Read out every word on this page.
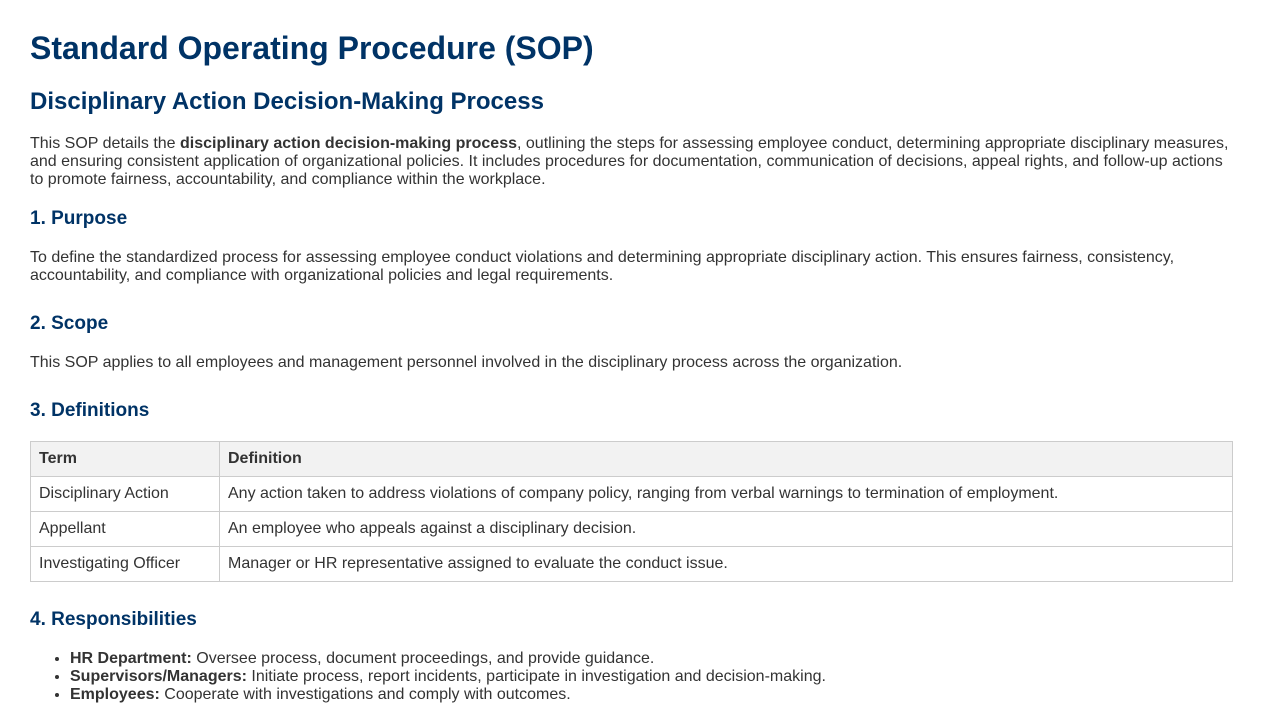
Standard Operating Procedure (SOP)
Disciplinary Action Decision-Making Process

This SOP details the disciplinary action decision-making process, outlining the steps for assessing employee conduct, determining appropriate disciplinary measures, and ensuring consistent application of organizational policies. It includes procedures for documentation, communication of decisions, appeal rights, and follow-up actions to promote fairness, accountability, and compliance within the workplace.

1. Purpose

To define the standardized process for assessing employee conduct violations and determining appropriate disciplinary action. This ensures fairness, consistency, accountability, and compliance with organizational policies and legal requirements.

2. Scope

This SOP applies to all employees and management personnel involved in the disciplinary process across the organization.

3. Definitions
Term	Definition
Disciplinary Action	Any action taken to address violations of company policy, ranging from verbal warnings to termination of employment.
Appellant	An employee who appeals against a disciplinary decision.
Investigating Officer	Manager or HR representative assigned to evaluate the conduct issue.
4. Responsibilities
• HR Department: Oversee process, document proceedings, and provide guidance.
• Supervisors/Managers: Initiate process, report incidents, participate in investigation and decision-making.
• Employees: Cooperate with investigations and comply with outcomes.
